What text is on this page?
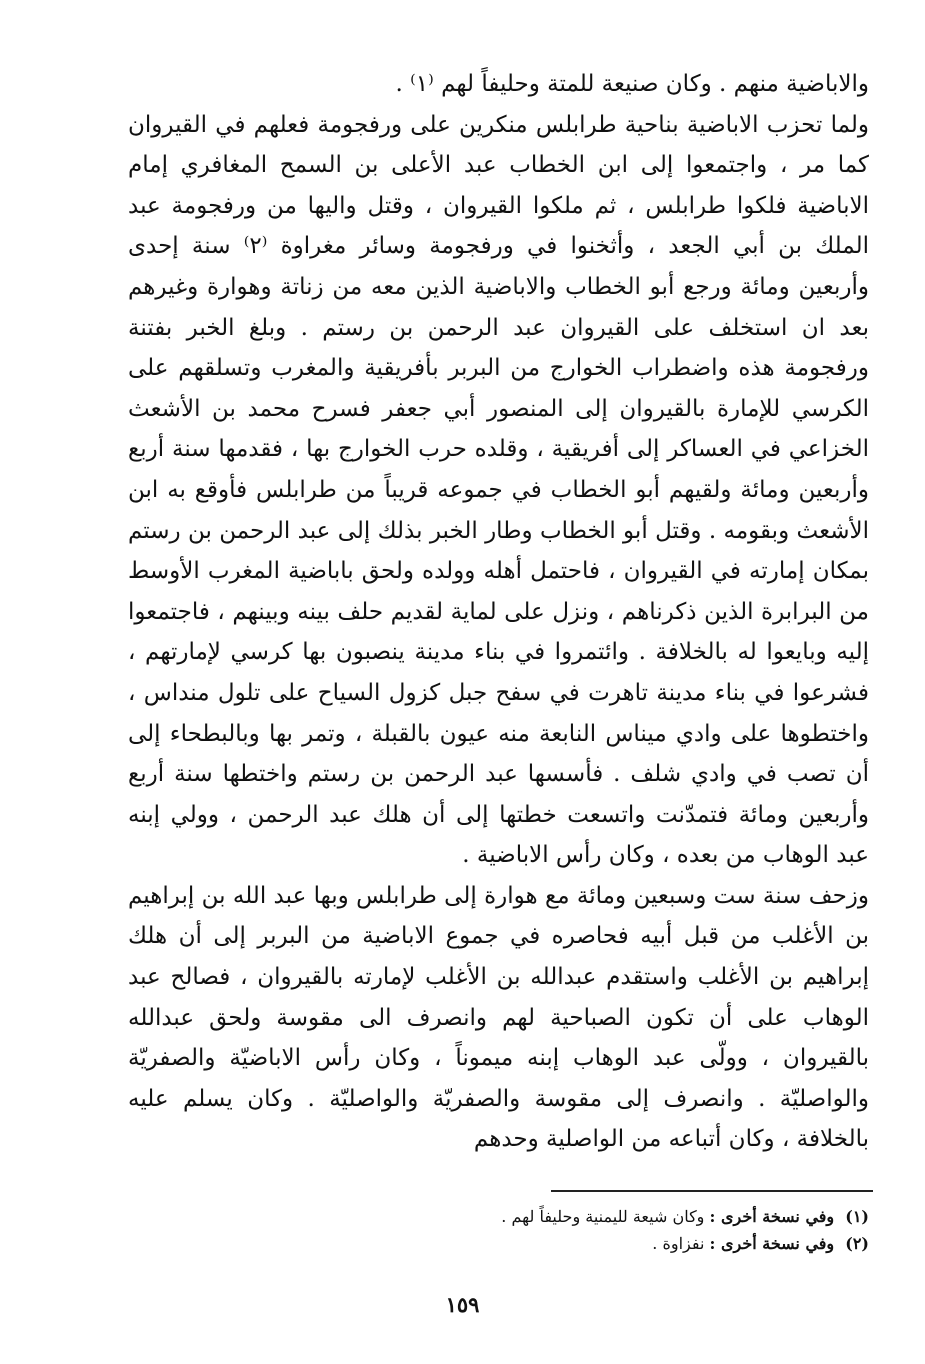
والاباضية منهم . وكان صنيعة للمتة وحليفاً لهم ⁽١⁾ .

ولما تحزب الاباضية بناحية طرابلس منكرين على ورفجومة فعلهم في القيروان كما مر ، واجتمعوا إلى ابن الخطاب عبد الأعلى بن السمح المغافري إمام الاباضية فلكوا طرابلس ، ثم ملكوا القيروان ، وقتل واليها من ورفجومة عبد الملك بن أبي الجعد ، وأثخنوا في ورفجومة وسائر مغراوة ⁽٢⁾ سنة إحدى وأربعين ومائة ورجع أبو الخطاب والاباضية الذين معه من زناتة وهوارة وغيرهم بعد ان استخلف على القيروان عبد الرحمن بن رستم . وبلغ الخبر بفتنة ورفجومة هذه واضطراب الخوارج من البربر بأفريقية والمغرب وتسلقهم على الكرسي للإمارة بالقيروان إلى المنصور أبي جعفر فسرح محمد بن الأشعث الخزاعي في العساكر إلى أفريقية ، وقلده حرب الخوارج بها ، فقدمها سنة أربع وأربعين ومائة ولقيهم أبو الخطاب في جموعه قريباً من طرابلس فأوقع به ابن الأشعث وبقومه . وقتل أبو الخطاب وطار الخبر بذلك إلى عبد الرحمن بن رستم بمكان إمارته في القيروان ، فاحتمل أهله وولده ولحق باباضية المغرب الأوسط من البرابرة الذين ذكرناهم ، ونزل على لماية لقديم حلف بينه وبينهم ، فاجتمعوا إليه وبايعوا له بالخلافة . وائتمروا في بناء مدينة ينصبون بها كرسي لإمارتهم ، فشرعوا في بناء مدينة تاهرت في سفح جبل كزول السياح على تلول منداس ، واختطوها على وادي ميناس النابعة منه عيون بالقبلة ، وتمر بها وبالبطحاء إلى أن تصب في وادي شلف . فأسسها عبد الرحمن بن رستم واختطها سنة أربع وأربعين ومائة فتمدّنت واتسعت خطتها إلى أن هلك عبد الرحمن ، وولي إبنه عبد الوهاب من بعده ، وكان رأس الاباضية .

وزحف سنة ست وسبعين ومائة مع هوارة إلى طرابلس وبها عبد الله بن إبراهيم بن الأغلب من قبل أبيه فحاصره في جموع الاباضية من البربر إلى أن هلك إبراهيم بن الأغلب واستقدم عبدالله بن الأغلب لإمارته بالقيروان ، فصالح عبد الوهاب على أن تكون الصباحية لهم وانصرف الى مقوسة ولحق عبدالله بالقيروان ، وولّى عبد الوهاب إبنه ميموناً ، وكان رأس الاباضيّة والصفريّة والواصليّة . وانصرف إلى مقوسة والصفريّة والواصليّة . وكان يسلم عليه بالخلافة ، وكان أتباعه من الواصلية وحدهم

(١) وفي نسخة أخرى : وكان شيعة لليمنية وحليفاً لهم .

(٢) وفي نسخة أخرى : نفزاوة .

١٥٩
